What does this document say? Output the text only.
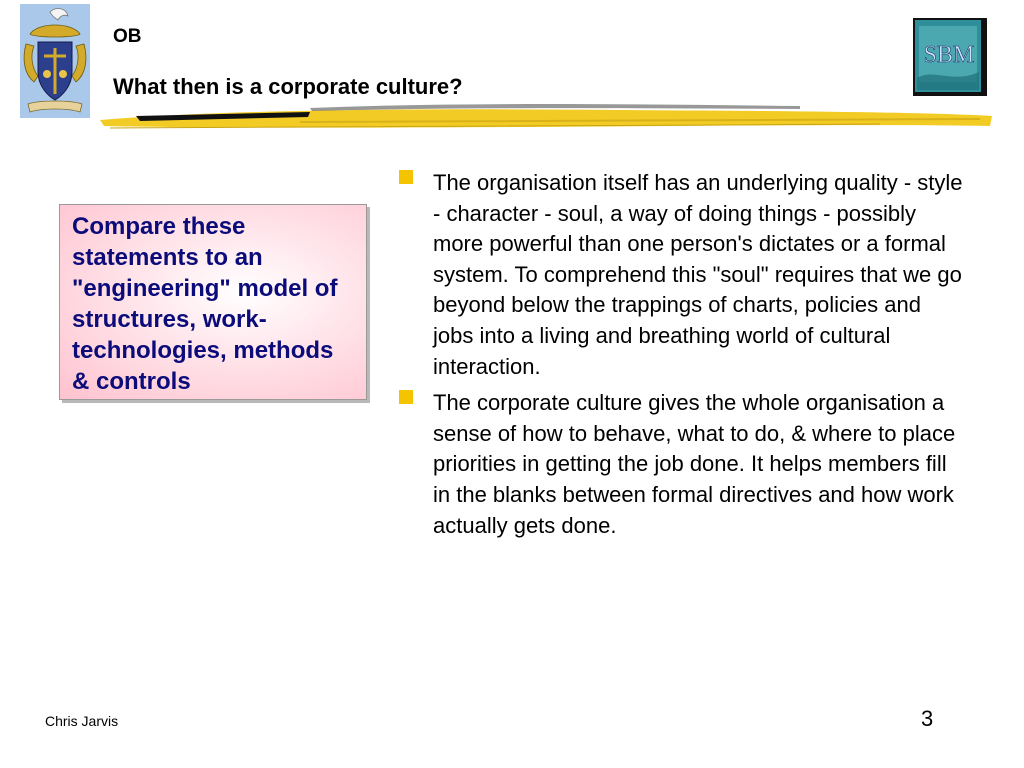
OB
What then is a corporate culture?
SBM

Compare these statements to an "engineering" model of structures, work-technologies, methods & controls

The organisation itself has an underlying quality - style - character - soul, a way of doing things - possibly more powerful than one person's dictates or a formal system. To comprehend this "soul" requires that we go beyond below the trappings of charts, policies and jobs into a living and breathing world of cultural interaction.
The corporate culture gives the whole organisation a sense of how to behave, what to do, & where to place priorities in getting the job done. It helps members fill in the blanks between formal directives and how work actually gets done.
Chris Jarvis	3
